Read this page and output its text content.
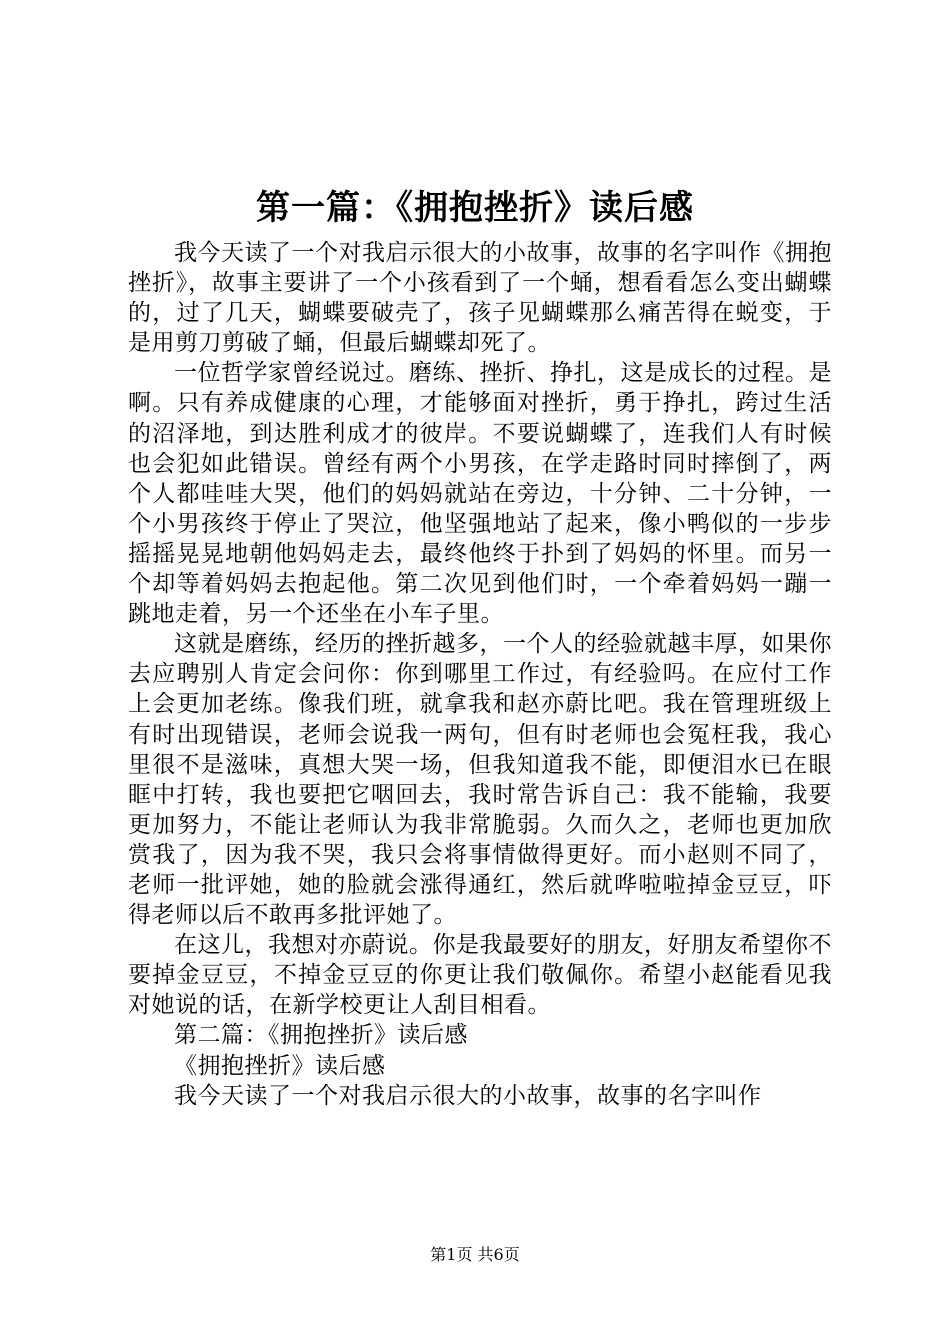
第一篇：《拥抱挫折》读后感

我今天读了一个对我启示很大的小故事，故事的名字叫作《拥抱挫折》，故事主要讲了一个小孩看到了一个蛹，想看看怎么变出蝴蝶的，过了几天，蝴蝶要破壳了，孩子见蝴蝶那么痛苦得在蜕变，于是用剪刀剪破了蛹，但最后蝴蝶却死了。

一位哲学家曾经说过。磨练、挫折、挣扎，这是成长的过程。是啊。只有养成健康的心理，才能够面对挫折，勇于挣扎，跨过生活的沼泽地，到达胜利成才的彼岸。不要说蝴蝶了，连我们人有时候也会犯如此错误。曾经有两个小男孩，在学走路时同时摔倒了，两个人都哇哇大哭，他们的妈妈就站在旁边，十分钟、二十分钟，一个小男孩终于停止了哭泣，他坚强地站了起来，像小鸭似的一步步摇摇晃晃地朝他妈妈走去，最终他终于扑到了妈妈的怀里。而另一个却等着妈妈去抱起他。第二次见到他们时，一个牵着妈妈一蹦一跳地走着，另一个还坐在小车子里。

这就是磨练，经历的挫折越多，一个人的经验就越丰厚，如果你去应聘别人肯定会问你：你到哪里工作过，有经验吗。在应付工作上会更加老练。像我们班，就拿我和赵亦蔚比吧。我在管理班级上有时出现错误，老师会说我一两句，但有时老师也会冤枉我，我心里很不是滋味，真想大哭一场，但我知道我不能，即便泪水已在眼眶中打转，我也要把它咽回去，我时常告诉自己：我不能输，我要更加努力，不能让老师认为我非常脆弱。久而久之，老师也更加欣赏我了，因为我不哭，我只会将事情做得更好。而小赵则不同了，老师一批评她，她的脸就会涨得通红，然后就哗啦啦掉金豆豆，吓得老师以后不敢再多批评她了。

在这儿，我想对亦蔚说。你是我最要好的朋友，好朋友希望你不要掉金豆豆，不掉金豆豆的你更让我们敬佩你。希望小赵能看见我对她说的话，在新学校更让人刮目相看。

第二篇：《拥抱挫折》读后感

《拥抱挫折》读后感

我今天读了一个对我启示很大的小故事，故事的名字叫作

第1页 共6页
